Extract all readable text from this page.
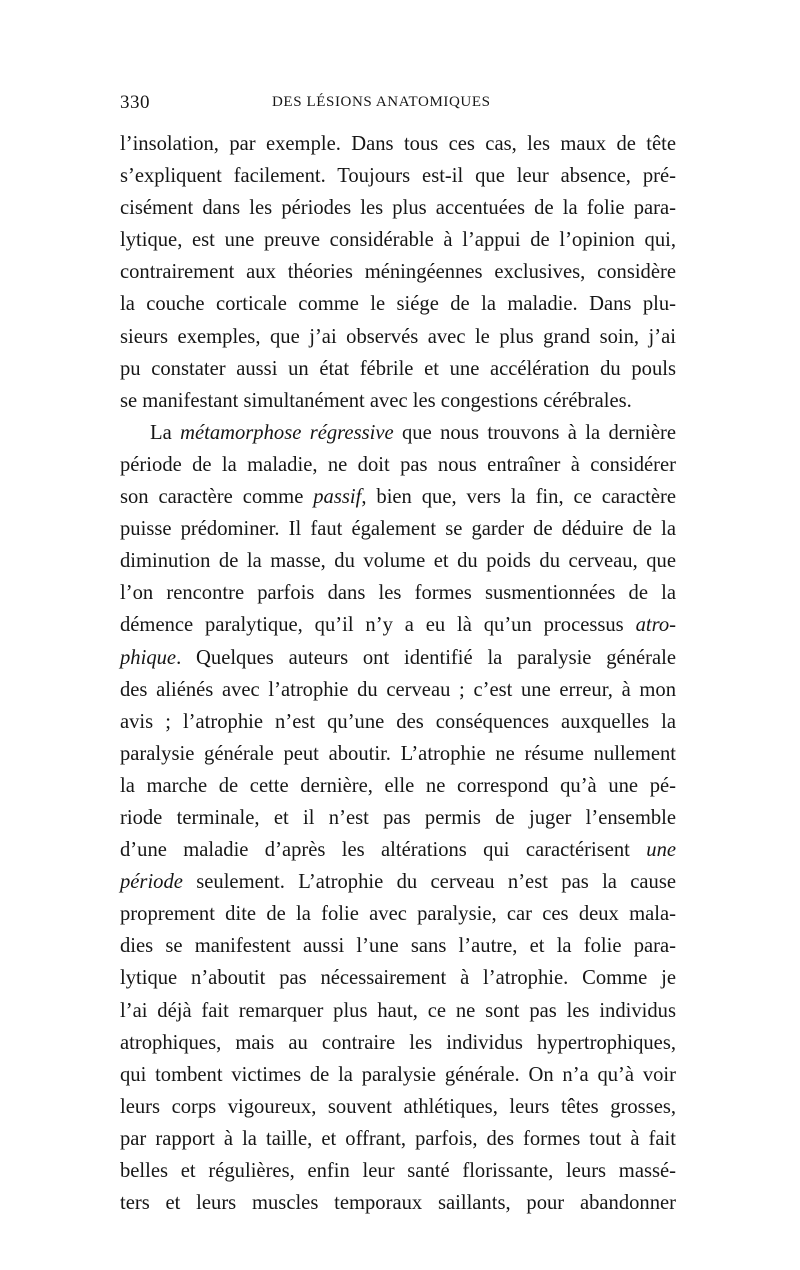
330	DES LÉSIONS ANATOMIQUES
l’insolation, par exemple. Dans tous ces cas, les maux de tête
s’expliquent facilement. Toujours est-il que leur absence, pré-
cisément dans les périodes les plus accentuées de la folie para-
lytique, est une preuve considérable à l’appui de l’opinion qui,
contrairement aux théories méningéennes exclusives, considère
la couche corticale comme le siége de la maladie. Dans plu-
sieurs exemples, que j’ai observés avec le plus grand soin, j’ai
pu constater aussi un état fébrile et une accélération du pouls
se manifestant simultanément avec les congestions cérébrales.
La métamorphose régressive que nous trouvons à la dernière
période de la maladie, ne doit pas nous entraîner à considérer
son caractère comme passif, bien que, vers la fin, ce caractère
puisse prédominer. Il faut également se garder de déduire de la
diminution de la masse, du volume et du poids du cerveau, que
l’on rencontre parfois dans les formes susmentionnées de la
démence paralytique, qu’il n’y a eu là qu’un processus atro-
phique. Quelques auteurs ont identifié la paralysie générale
des aliénés avec l’atrophie du cerveau ; c’est une erreur, à mon
avis ; l’atrophie n’est qu’une des conséquences auxquelles la
paralysie générale peut aboutir. L’atrophie ne résume nullement
la marche de cette dernière, elle ne correspond qu’à une pé-
riode terminale, et il n’est pas permis de juger l’ensemble
d’une maladie d’après les altérations qui caractérisent une
période seulement. L’atrophie du cerveau n’est pas la cause
proprement dite de la folie avec paralysie, car ces deux mala-
dies se manifestent aussi l’une sans l’autre, et la folie para-
lytique n’aboutit pas nécessairement à l’atrophie. Comme je
l’ai déjà fait remarquer plus haut, ce ne sont pas les individus
atrophiques, mais au contraire les individus hypertrophiques,
qui tombent victimes de la paralysie générale. On n’a qu’à voir
leurs corps vigoureux, souvent athlétiques, leurs têtes grosses,
par rapport à la taille, et offrant, parfois, des formes tout à fait
belles et régulières, enfin leur santé florissante, leurs massé-
ters et leurs muscles temporaux saillants, pour abandonner
